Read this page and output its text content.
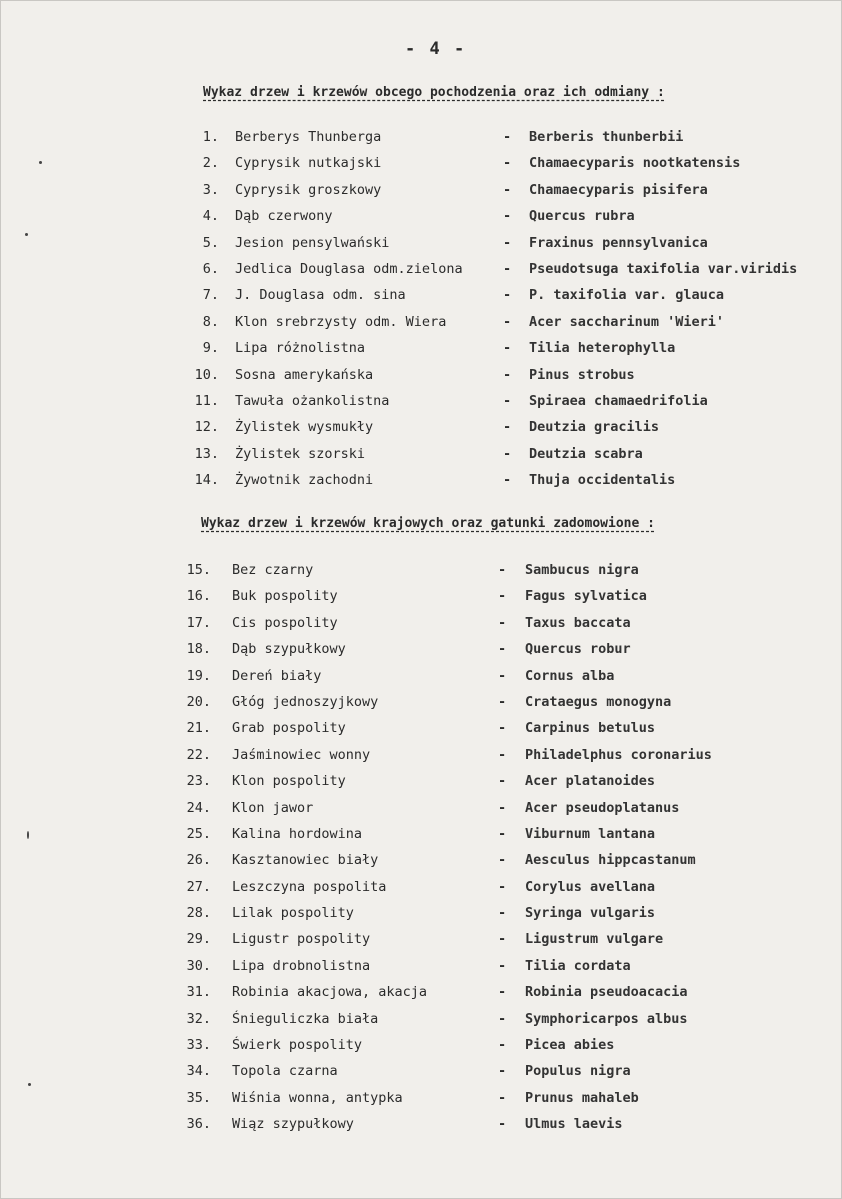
- 4 -
Wykaz drzew i krzewów obcego pochodzenia oraz ich odmiany :
1. Berberys Thunberga	- Berberis thunberbii
2. Cyprysik nutkajski	- Chamaecyparis nootkatensis
3. Cyprysik groszkowy	- Chamaecyparis pisifera
4. Dąb czerwony	- Quercus rubra
5. Jesion pensylwański	- Fraxinus pennsylvanica
6. Jedlica Douglasa odm.zielona	- Pseudotsuga taxifolia var.viridis
7. J. Douglasa odm. sina	- P. taxifolia var. glauca
8. Klon srebrzysty odm. Wiera	- Acer saccharinum 'Wieri'
9. Lipa różnolistna	- Tilia heterophylla
10. Sosna amerykańska	- Pinus strobus
11. Tawuła ożankolistna	- Spiraea chamaedrifolia
12. Żylistek wysmukły	- Deutzia gracilis
13. Żylistek szorski	- Deutzia scabra
14. Żywotnik zachodni	- Thuja occidentalis
Wykaz drzew i krzewów krajowych oraz gatunki zadomowione :
15. Bez czarny	- Sambucus nigra
16. Buk pospolity	- Fagus sylvatica
17. Cis pospolity	- Taxus baccata
18. Dąb szypułkowy	- Quercus robur
19. Dereń biały	- Cornus alba
20. Głóg jednoszyjkowy	- Crataegus monogyna
21. Grab pospolity	- Carpinus betulus
22. Jaśminowiec wonny	- Philadelphus coronarius
23. Klon pospolity	- Acer platanoides
24. Klon jawor	- Acer pseudoplatanus
25. Kalina hordowina	- Viburnum lantana
26. Kasztanowiec biały	- Aesculus hippcastanum
27. Leszczyna pospolita	- Corylus avellana
28. Lilak pospolity	- Syringa vulgaris
29. Ligustr pospolity	- Ligustrum vulgare
30. Lipa drobnolistna	- Tilia cordata
31. Robinia akacjowa, akacja	- Robinia pseudoacacia
32. Śnieguliczka biała	- Symphoricarpos albus
33. Świerk pospolity	- Picea abies
34. Topola czarna	- Populus nigra
35. Wiśnia wonna, antypka	- Prunus mahaleb
36. Wiąz szypułkowy	- Ulmus laevis
